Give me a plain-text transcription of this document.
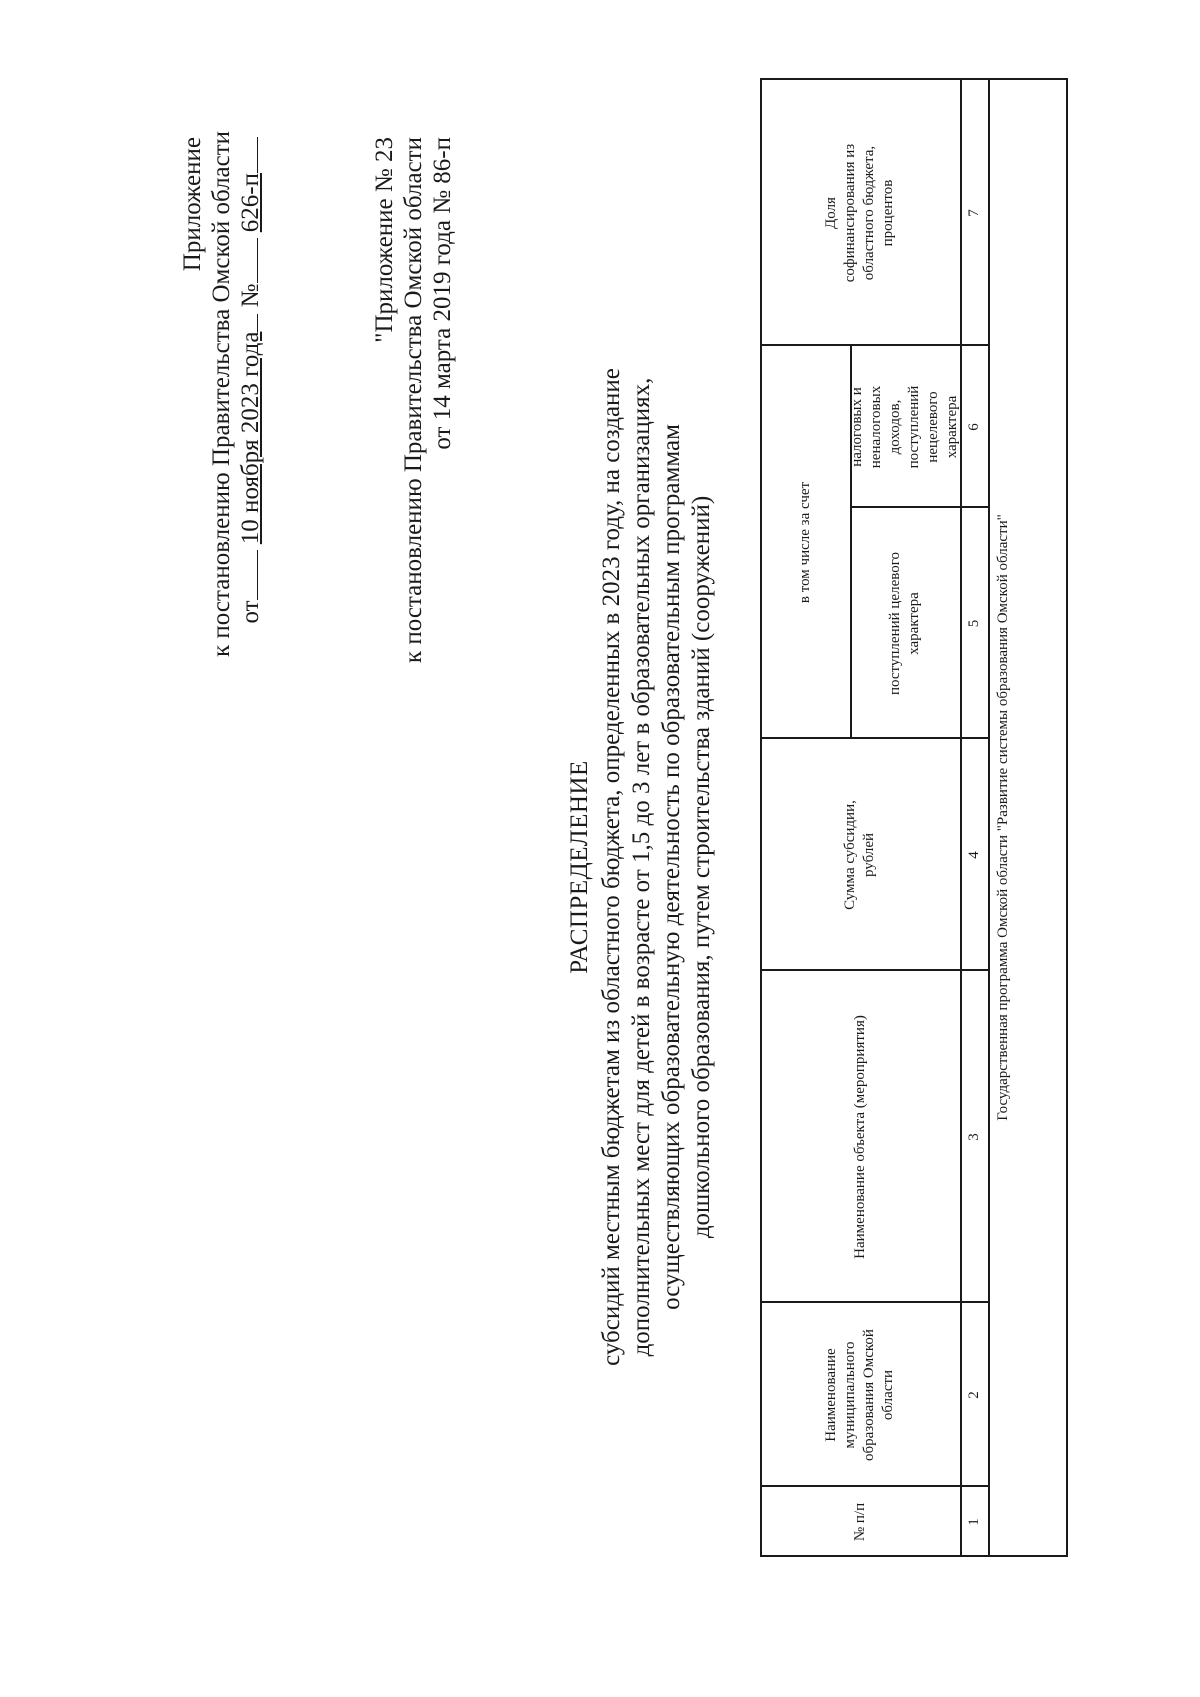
Приложение к постановлению Правительства Омской области от 10 ноября 2023 года № 626-п	"Приложение № 23 к постановлению Правительства Омской области от 14 марта 2019 года № 86-п
РАСПРЕДЕЛЕНИЕ субсидий местным бюджетам из областного бюджета, определенных в 2023 году, на создание дополнительных мест для детей в возрасте от 1,5 до 3 лет в образовательных организациях, осуществляющих образовательную деятельность по образовательным программам дошкольного образования, путем строительства зданий (сооружений)
№ п/п
Наименование муниципального образования Омской области
Наименование объекта (мероприятия)
Сумма субсидии, рублей
в том числе за счет
поступлений целевого характера
налоговых и неналоговых доходов, поступлений нецелевого характера
Доля софинансирования из областного бюджета, процентов
1
2
3
4
5
6
7
Государственная программа Омской области "Развитие системы образования Омской области"
